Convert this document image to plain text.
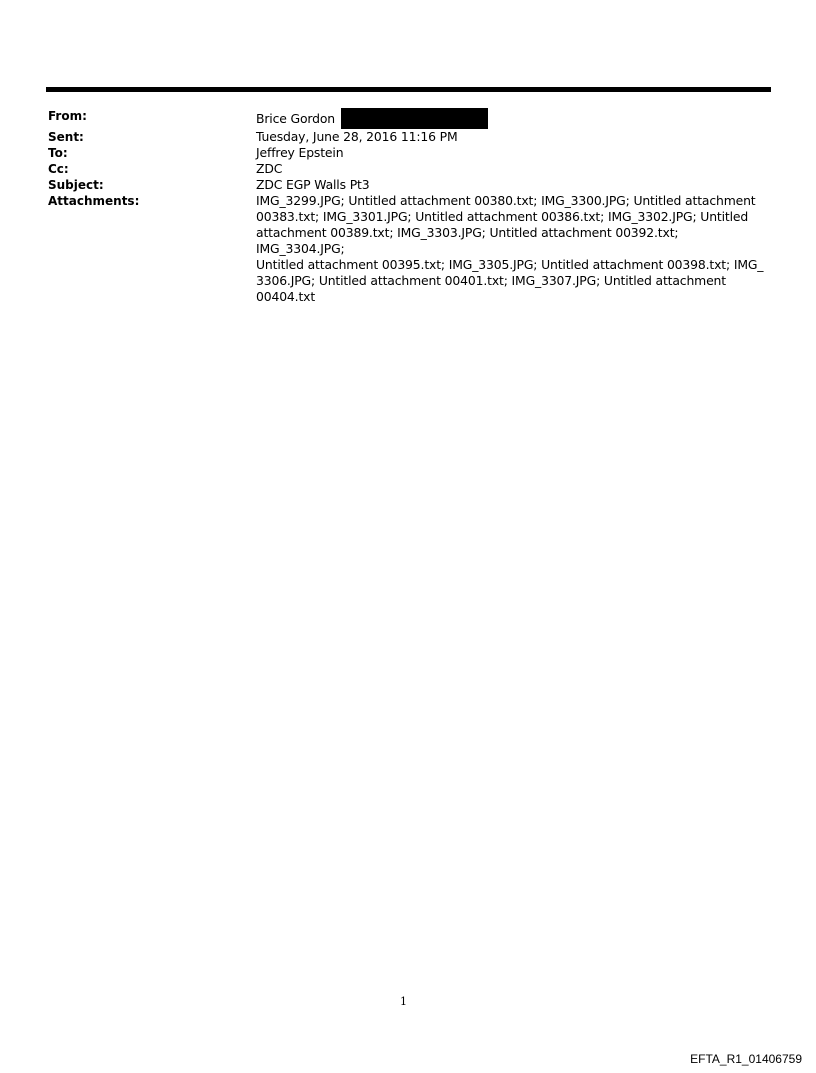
From:	Brice Gordon
Sent:	Tuesday, June 28, 2016 11:16 PM
To:	Jeffrey Epstein
Cc:	ZDC
Subject:	ZDC EGP Walls Pt3
Attachments:	IMG_3299.JPG; Untitled attachment 00380.txt; IMG_3300.JPG; Untitled attachment
00383.txt; IMG_3301.JPG; Untitled attachment 00386.txt; IMG_3302.JPG; Untitled
attachment 00389.txt; IMG_3303.JPG; Untitled attachment 00392.txt; IMG_3304.JPG;
Untitled attachment 00395.txt; IMG_3305.JPG; Untitled attachment 00398.txt; IMG_
3306.JPG; Untitled attachment 00401.txt; IMG_3307.JPG; Untitled attachment 00404.txt
1
EFTA_R1_01406759
